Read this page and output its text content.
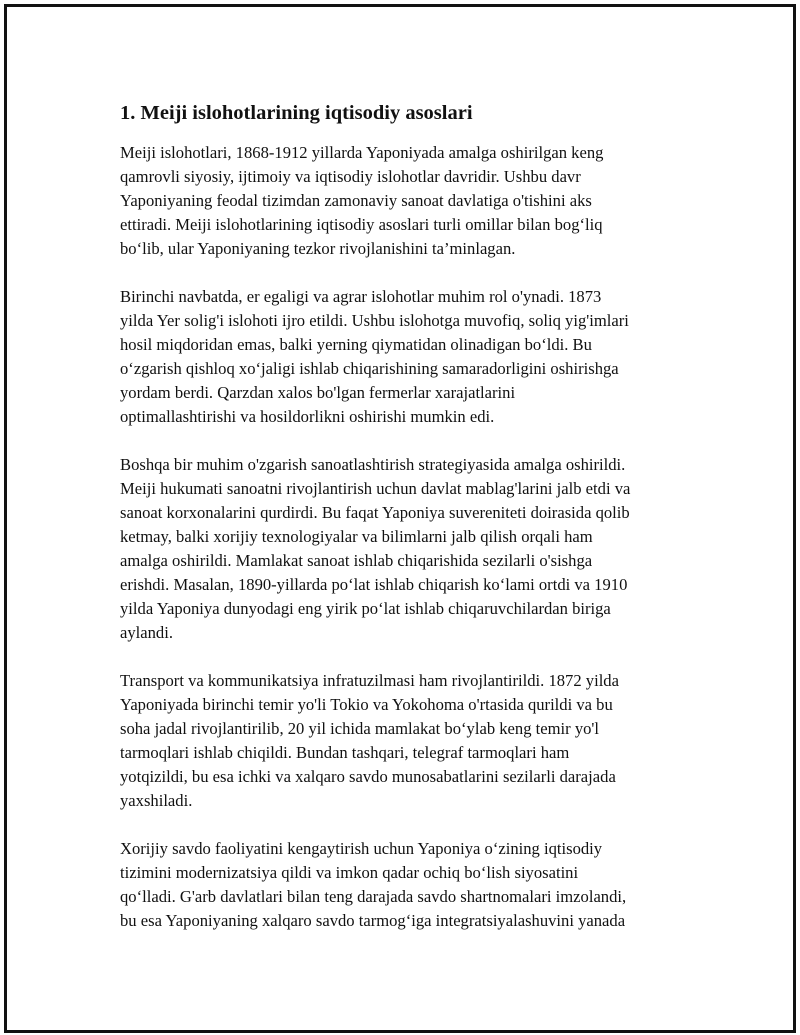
1. Meiji islohotlarining iqtisodiy asoslari

Meiji islohotlari, 1868-1912 yillarda Yaponiyada amalga oshirilgan keng
qamrovli siyosiy, ijtimoiy va iqtisodiy islohotlar davridir. Ushbu davr
Yaponiyaning feodal tizimdan zamonaviy sanoat davlatiga o'tishini aks
ettiradi. Meiji islohotlarining iqtisodiy asoslari turli omillar bilan bog‘liq
bo‘lib, ular Yaponiyaning tezkor rivojlanishini ta’minlagan.

Birinchi navbatda, er egaligi va agrar islohotlar muhim rol o'ynadi. 1873
yilda Yer solig'i islohoti ijro etildi. Ushbu islohotga muvofiq, soliq yig'imlari
hosil miqdoridan emas, balki yerning qiymatidan olinadigan bo‘ldi. Bu
o‘zgarish qishloq xo‘jaligi ishlab chiqarishining samaradorligini oshirishga
yordam berdi. Qarzdan xalos bo'lgan fermerlar xarajatlarini
optimallashtirishi va hosildorlikni oshirishi mumkin edi.

Boshqa bir muhim o'zgarish sanoatlashtirish strategiyasida amalga oshirildi.
Meiji hukumati sanoatni rivojlantirish uchun davlat mablag'larini jalb etdi va
sanoat korxonalarini qurdirdi. Bu faqat Yaponiya suvereniteti doirasida qolib
ketmay, balki xorijiy texnologiyalar va bilimlarni jalb qilish orqali ham
amalga oshirildi. Mamlakat sanoat ishlab chiqarishida sezilarli o'sishga
erishdi. Masalan, 1890-yillarda po‘lat ishlab chiqarish ko‘lami ortdi va 1910
yilda Yaponiya dunyodagi eng yirik po‘lat ishlab chiqaruvchilardan biriga
aylandi.

Transport va kommunikatsiya infratuzilmasi ham rivojlantirildi. 1872 yilda
Yaponiyada birinchi temir yo'li Tokio va Yokohoma o'rtasida qurildi va bu
soha jadal rivojlantirilib, 20 yil ichida mamlakat bo‘ylab keng temir yo'l
tarmoqlari ishlab chiqildi. Bundan tashqari, telegraf tarmoqlari ham
yotqizildi, bu esa ichki va xalqaro savdo munosabatlarini sezilarli darajada
yaxshiladi.

Xorijiy savdo faoliyatini kengaytirish uchun Yaponiya o‘zining iqtisodiy
tizimini modernizatsiya qildi va imkon qadar ochiq bo‘lish siyosatini
qo‘lladi. G'arb davlatlari bilan teng darajada savdo shartnomalari imzolandi,
bu esa Yaponiyaning xalqaro savdo tarmog‘iga integratsiyalashuvini yanada
